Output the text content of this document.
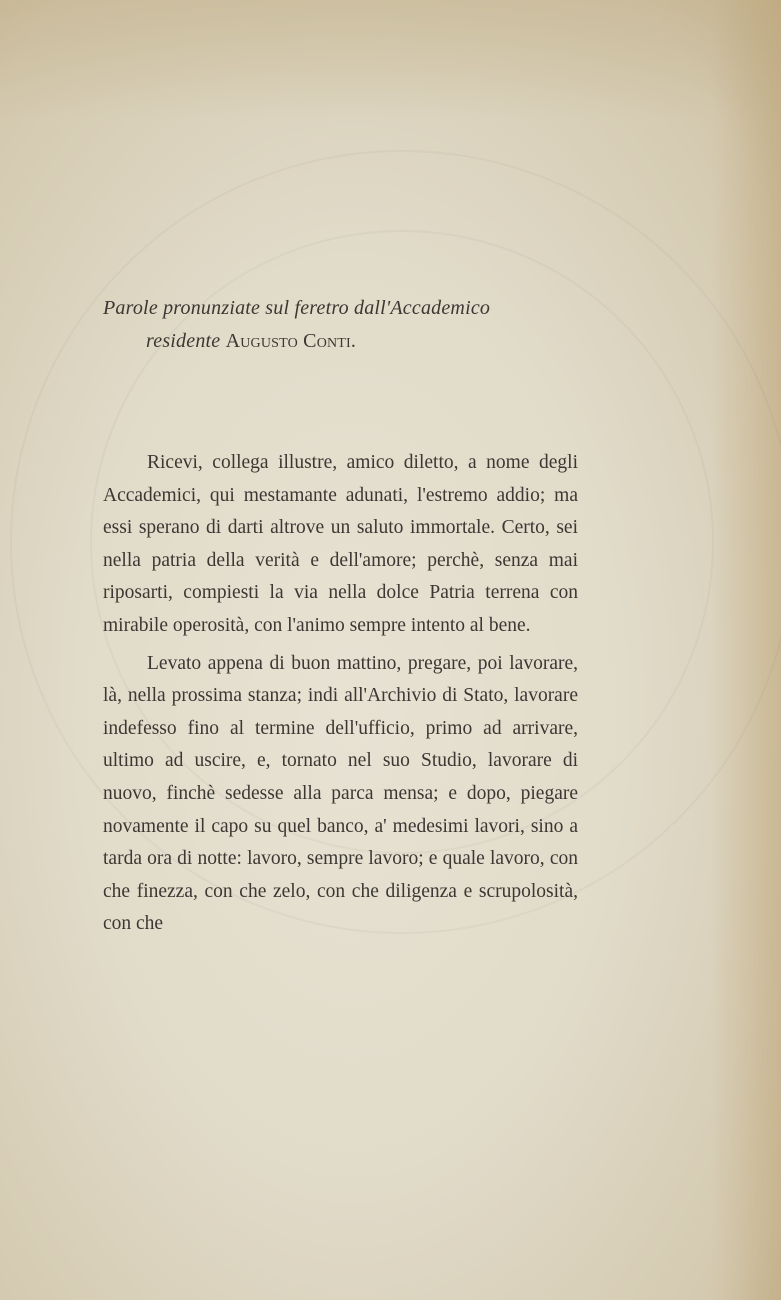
Parole pronunziate sul feretro dall'Accademico
residente Augusto Conti.

Ricevi, collega illustre, amico diletto, a nome degli Accademici, qui mestamante adunati, l'estremo addio; ma essi sperano di darti altrove un saluto immortale. Certo, sei nella patria della verità e dell'amore; perchè, senza mai riposarti, compiesti la via nella dolce Patria terrena con mirabile operosità, con l'animo sempre intento al bene.

Levato appena di buon mattino, pregare, poi lavorare, là, nella prossima stanza; indi all'Archivio di Stato, lavorare indefesso fino al termine dell'ufficio, primo ad arrivare, ultimo ad uscire, e, tornato nel suo Studio, lavorare di nuovo, finchè sedesse alla parca mensa; e dopo, piegare novamente il capo su quel banco, a' medesimi lavori, sino a tarda ora di notte: lavoro, sempre lavoro; e quale lavoro, con che finezza, con che zelo, con che diligenza e scrupolosità, con che
